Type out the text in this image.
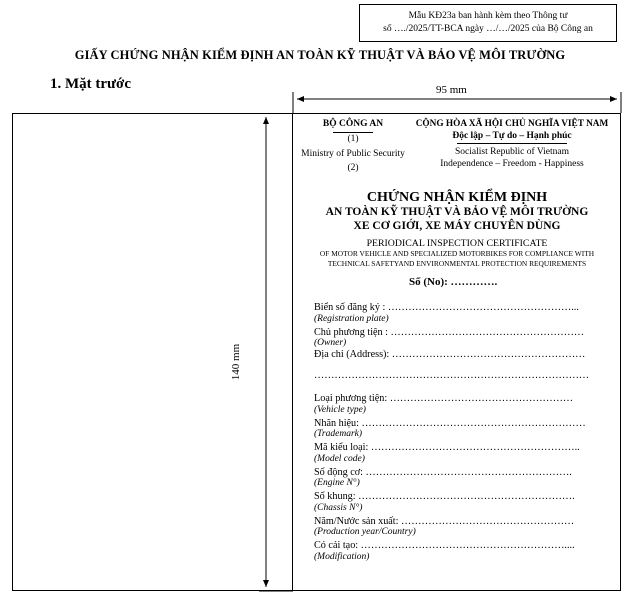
Mẫu KĐ23a ban hành kèm theo Thông tư
số …./2025/TT-BCA ngày …/…/2025 của Bộ Công an
GIẤY CHỨNG NHẬN KIỂM ĐỊNH AN TOÀN KỸ THUẬT VÀ BẢO VỆ MÔI TRƯỜNG
1. Mặt trước	95 mm
140 mm
BỘ CÔNG AN
(1)
Ministry of Public Security
(2)
CỘNG HÒA XÃ HỘI CHỦ NGHĨA VIỆT NAM
Độc lập – Tự do – Hạnh phúc
Socialist Republic of Vietnam
Independence – Freedom - Happiness
CHỨNG NHẬN KIỂM ĐỊNH
AN TOÀN KỸ THUẬT VÀ BẢO VỆ MÔI TRƯỜNG
XE CƠ GIỚI, XE MÁY CHUYÊN DÙNG
PERIODICAL INSPECTION CERTIFICATE
OF MOTOR VEHICLE AND SPECIALIZED MOTORBIKES FOR COMPLIANCE WITH
TECHNICAL SAFETYAND ENVIRONMENTAL PROTECTION REQUIREMENTS
Số (No): ………….
Biển số đăng ký : ………………………………………………...
(Registration plate)
Chủ phương tiện : …………………………………………………
(Owner)
Địa chỉ (Address): …………………………………………………
………………………………………………………………………
Loại phương tiện: ………………………………………………
(Vehicle type)
Nhãn hiệu: …………………………………………………………
(Trademark)
Mã kiểu loại: ……………………………………………………..
(Model code)
Số động cơ: …………………………………………………….
(Engine N°)
Số khung: ……………………………………………………….
(Chassis N°)
Năm/Nước sản xuất: ……………………………………………
(Production year/Country)
Có cải tạo: ……………………………………………………....
(Modification)
